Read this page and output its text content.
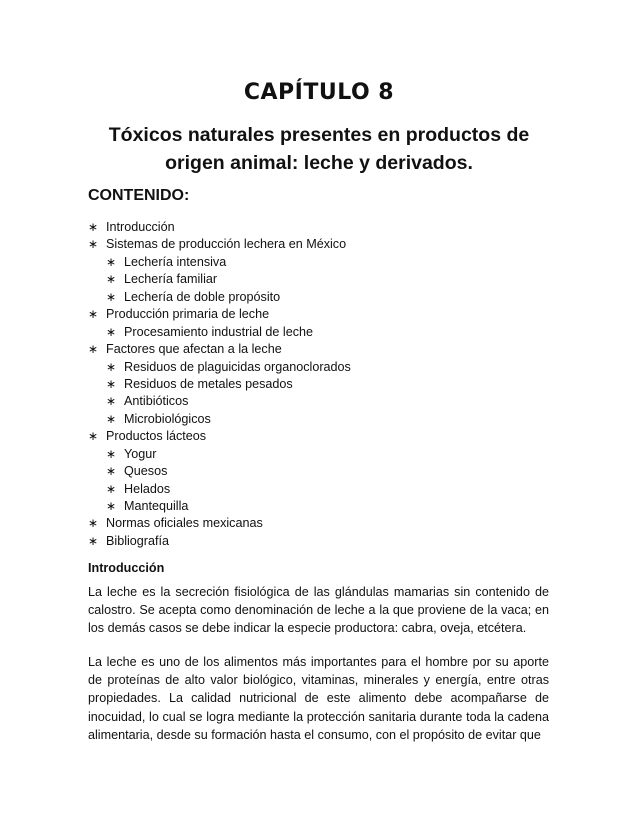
CAPÍTULO 8
Tóxicos naturales presentes en productos de origen animal: leche y derivados.
CONTENIDO:
∗ Introducción
∗ Sistemas de producción lechera en México
∗ Lechería intensiva
∗ Lechería familiar
∗ Lechería de doble propósito
∗ Producción primaria de leche
∗ Procesamiento industrial de leche
∗ Factores que afectan a la leche
∗ Residuos de plaguicidas organoclorados
∗ Residuos de metales pesados
∗ Antibióticos
∗ Microbiológicos
∗ Productos lácteos
∗ Yogur
∗ Quesos
∗ Helados
∗ Mantequilla
∗ Normas oficiales mexicanas
∗ Bibliografía
Introducción

La leche es la secreción fisiológica de las glándulas mamarias sin contenido de calostro. Se acepta como denominación de leche a la que proviene de la vaca; en los demás casos se debe indicar la especie productora: cabra, oveja, etcétera.

La leche es uno de los alimentos más importantes para el hombre por su aporte de proteínas de alto valor biológico, vitaminas, minerales y energía, entre otras propiedades. La calidad nutricional de este alimento debe acompañarse de inocuidad, lo cual se logra mediante la protección sanitaria durante toda la cadena alimentaria, desde su formación hasta el consumo, con el propósito de evitar que
